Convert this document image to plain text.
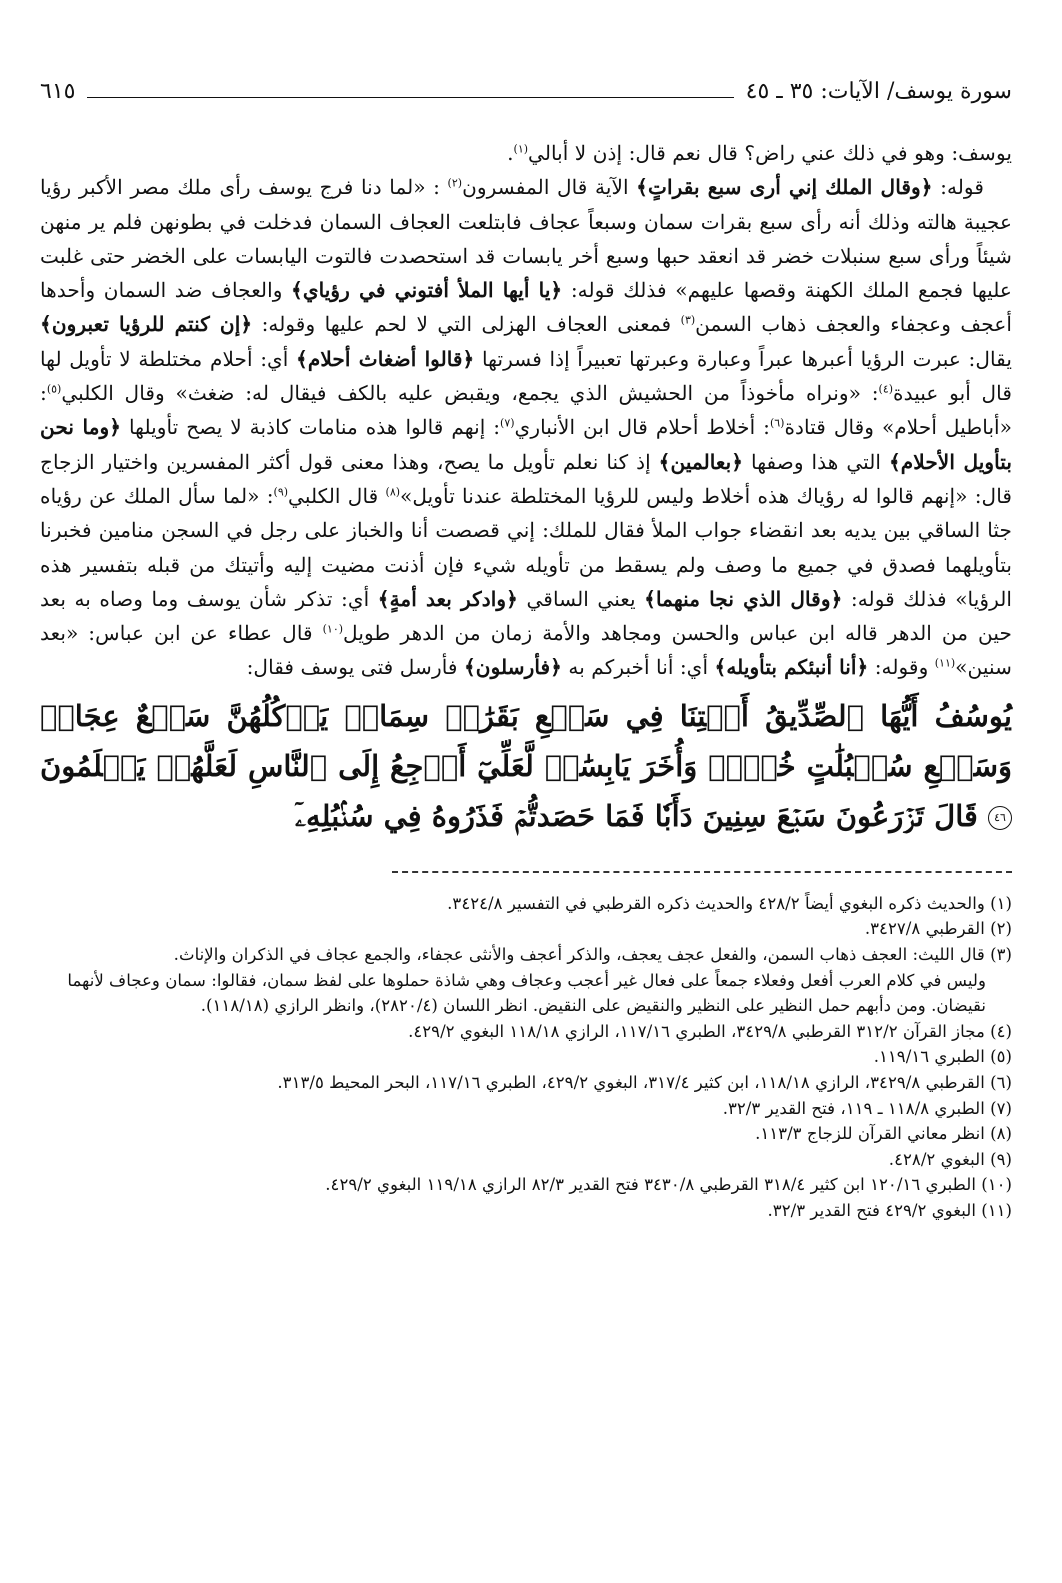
سورة يوسف/ الآيات: ٣٥ ـ ٤٥
٦١٥

يوسف: وهو في ذلك عني راض؟ قال نعم قال: إذن لا أبالي$^{(١)}$.

قوله: ﴿وقال الملك إني أرى سبع بقراتٍ﴾ الآية قال المفسرون$^{(٢)}$ : «لما دنا فرج يوسف رأى ملك مصر الأكبر رؤيا عجيبة هالته وذلك أنه رأى سبع بقرات سمان وسبعاً عجاف فابتلعت العجاف السمان فدخلت في بطونهن فلم ير منهن شيئاً ورأى سبع سنبلات خضر قد انعقد حبها وسبع أخر يابسات قد استحصدت فالتوت اليابسات على الخضر حتى غلبت عليها فجمع الملك الكهنة وقصها عليهم» فذلك قوله: ﴿يا أيها الملأ أفتوني في رؤياي﴾ والعجاف ضد السمان وأحدها أعجف وعجفاء والعجف ذهاب السمن$^{(٣)}$ فمعنى العجاف الهزلى التي لا لحم عليها وقوله: ﴿إن كنتم للرؤيا تعبرون﴾ يقال: عبرت الرؤيا أعبرها عبراً وعبارة وعبرتها تعبيراً إذا فسرتها ﴿قالوا أضغاث أحلام﴾ أي: أحلام مختلطة لا تأويل لها قال أبو عبيدة$^{(٤)}$: «ونراه مأخوذاً من الحشيش الذي يجمع، ويقبض عليه بالكف فيقال له: ضغث» وقال الكلبي$^{(٥)}$: «أباطيل أحلام» وقال قتادة$^{(٦)}$: أخلاط أحلام قال ابن الأنباري$^{(٧)}$: إنهم قالوا هذه منامات كاذبة لا يصح تأويلها ﴿وما نحن بتأويل الأحلام﴾ التي هذا وصفها ﴿بعالمين﴾ إذ كنا نعلم تأويل ما يصح، وهذا معنى قول أكثر المفسرين واختيار الزجاج قال: «إنهم قالوا له رؤياك هذه أخلاط وليس للرؤيا المختلطة عندنا تأويل»$^{(٨)}$ قال الكلبي$^{(٩)}$: «لما سأل الملك عن رؤياه جثا الساقي بين يديه بعد انقضاء جواب الملأ فقال للملك: إني قصصت أنا والخباز على رجل في السجن منامين فخبرنا بتأويلهما فصدق في جميع ما وصف ولم يسقط من تأويله شيء فإن أذنت مضيت إليه وأتيتك من قبله بتفسير هذه الرؤيا» فذلك قوله: ﴿وقال الذي نجا منهما﴾ يعني الساقي ﴿وادكر بعد أمةٍ﴾ أي: تذكر شأن يوسف وما وصاه به بعد حين من الدهر قاله ابن عباس والحسن ومجاهد والأمة زمان من الدهر طويل$^{(١٠)}$ قال عطاء عن ابن عباس: «بعد سنين»$^{(١١)}$ وقوله: ﴿أنا أنبئكم بتأويله﴾ أي: أنا أخبركم به ﴿فأرسلون﴾ فأرسل فتى يوسف فقال:

يُوسُفُ أَيُّهَا ٱلصِّدِّيقُ أَفۡتِنَا فِي سَبۡعِ بَقَرَٰتٖ سِمَانٖ يَأۡكُلُهُنَّ سَبۡعٌ عِجَافٞ وَسَبۡعِ سُنۢبُلَٰتٍ خُضۡرٖ وَأُخَرَ يَابِسَٰتٖ لَّعَلِّيٓ أَرۡجِعُ إِلَى ٱلنَّاسِ لَعَلَّهُمۡ يَعۡلَمُونَ ٤٦ قَالَ تَزۡرَعُونَ سَبۡعَ سِنِينَ دَأَبٗا فَمَا حَصَدتُّمۡ فَذَرُوهُ فِي سُنۢبُلِهِۦٓ

(١) والحديث ذكره البغوي أيضاً ٤٢٨/٢ والحديث ذكره القرطبي في التفسير ٣٤٢٤/٨.

(٢) القرطبي ٣٤٢٧/٨.

(٣) قال الليث: العجف ذهاب السمن، والفعل عجف يعجف، والذكر أعجف والأنثى عجفاء، والجمع عجاف في الذكران والإناث.

وليس في كلام العرب أفعل وفعلاء جمعاً على فعال غير أعجب وعجاف وهي شاذة حملوها على لفظ سمان، فقالوا: سمان وعجاف لأنهما نقيضان. ومن دأبهم حمل النظير على النظير والنقيض على النقيض. انظر اللسان (٢٨٢٠/٤)، وانظر الرازي (١١٨/١٨).

(٤) مجاز القرآن ٣١٢/٢ القرطبي ٣٤٢٩/٨، الطبري ١١٧/١٦، الرازي ١١٨/١٨ البغوي ٤٢٩/٢.

(٥) الطبري ١١٩/١٦.

(٦) القرطبي ٣٤٢٩/٨، الرازي ١١٨/١٨، ابن كثير ٣١٧/٤، البغوي ٤٢٩/٢، الطبري ١١٧/١٦، البحر المحيط ٣١٣/٥.

(٧) الطبري ١١٨/٨ ـ ١١٩، فتح القدير ٣٢/٣.

(٨) انظر معاني القرآن للزجاج ١١٣/٣.

(٩) البغوي ٤٢٨/٢.

(١٠) الطبري ١٢٠/١٦ ابن كثير ٣١٨/٤ القرطبي ٣٤٣٠/٨ فتح القدير ٨٢/٣ الرازي ١١٩/١٨ البغوي ٤٢٩/٢.

(١١) البغوي ٤٢٩/٢ فتح القدير ٣٢/٣.
